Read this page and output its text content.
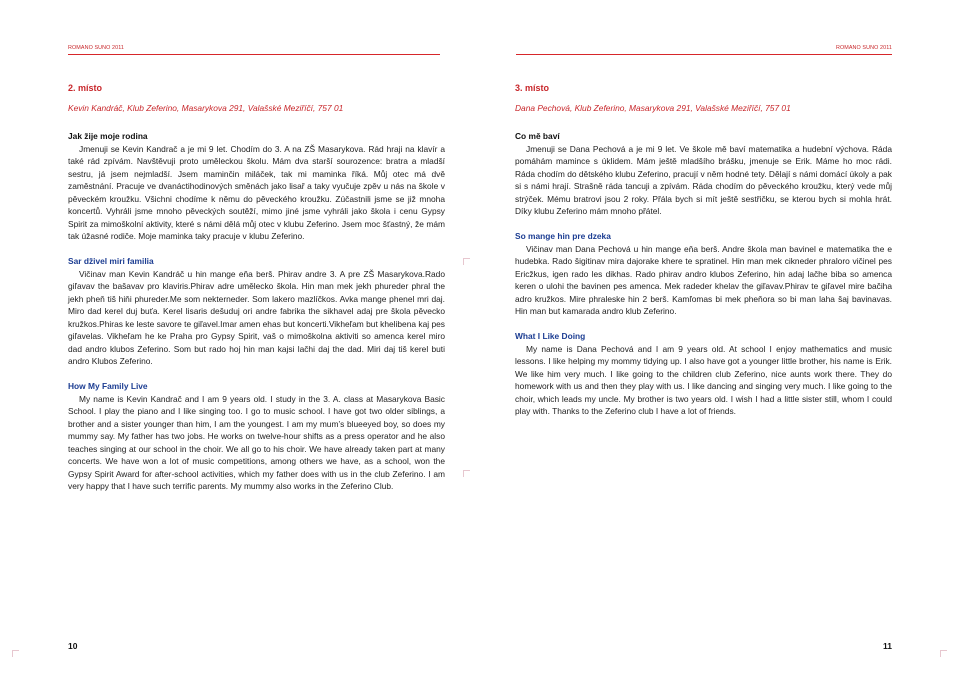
ROMANO SUNO 2011
2. místo
Kevin Kandráč, Klub Zeferino, Masarykova 291, Valašské Meziříčí, 757 01
Jak žije moje rodina

Jmenuji se Kevin Kandrač a je mi 9 let. Chodím do 3. A na ZŠ Masarykova. Rád hraji na klavír a také rád zpívám. Navštěvuji proto uměleckou školu. Mám dva starší sourozence: bratra a mladší sestru, já jsem nejmladší. Jsem maminčin miláček, tak mi maminka říká. Můj otec má dvě zaměstnání. Pracuje ve dvanáctihodinových směnách jako lisař a taky vyučuje zpěv u nás na škole v pěveckém kroužku. Všichni chodíme k němu do pěveckého kroužku. Zúčastnili jsme se již mnoha koncertů. Vyhráli jsme mnoho pěveckých soutěží, mimo jiné jsme vyhráli jako škola i cenu Gypsy Spirit za mimoškolní aktivity, které s námi dělá můj otec v klubu Zeferino. Jsem moc šťastný, že mám tak úžasné rodiče. Moje maminka taky pracuje v klubu Zeferino.

Sar dživel miri familia

Vičinav man Kevin Kandráč u hin mange eňa berš. Phirav andre 3. A pre ZŠ Masarykova.Rado giľavav the bašavav pro klaviris.Phirav adre umělecko škola. Hin man mek jekh phureder phral the jekh pheň tiš hiňi phureder.Me som nekterneder. Som lakero mazlíčkos. Avka mange phenel mri daj. Miro dad kerel duj buťa. Kerel lisaris dešuduj ori andre fabrika the sikhavel adaj pre škola pěvecko kružkos.Phiras ke leste savore te giľavel.Imar amen ehas but koncerti.Vikheľam but khelibena kaj pes giľavelas. Vikheľam he ke Praha pro Gypsy Spirit, vaš o mimoškolna aktiviti so amenca kerel miro dad andro klubos Zeferino. Som but rado hoj hin man kajsi lačhi daj the dad. Miri daj tiš kerel buti andro Klubos Zeferino.

How My Family Live

My name is Kevin Kandrač and I am 9 years old. I study in the 3. A. class at Masarykova Basic School. I play the piano and I like singing too. I go to music school. I have got two older siblings, a brother and a sister younger than him, I am the youngest. I am my mum’s blueeyed boy, so does my mummy say. My father has two jobs. He works on twelve-hour shifts as a press operator and he also teaches singing at our school in the choir. We all go to his choir. We have already taken part at many concerts. We have won a lot of music competitions, among others we have, as a school, won the Gypsy Spirit Award for after-school activities, which my father does with us in the club Zeferino. I am very happy that I have such terrific parents. My mummy also works in the Zeferino Club.

10
ROMANO SUNO 2011
3. místo
Dana Pechová, Klub Zeferino, Masarykova 291, Valašské Meziříčí, 757 01
Co mě baví

Jmenuji se Dana Pechová a je mi 9 let. Ve škole mě baví matematika a hudební výchova. Ráda pomáhám mamince s úklidem. Mám ještě mladšího brášku, jmenuje se Erik. Máme ho moc rádi. Ráda chodím do dětského klubu Zeferino, pracují v něm hodné tety. Dělají s námi domácí úkoly a pak si s námi hrají. Strašně ráda tancuji a zpívám. Ráda chodím do pěveckého kroužku, který vede můj strýček. Mému bratrovi jsou 2 roky. Přála bych si mít ještě sestřičku, se kterou bych si mohla hrát. Díky klubu Zeferino mám mnoho přátel.

So mange hin pre dzeka

Vičinav man Dana Pechová u hin mange eňa berš. Andre škola man bavinel e matematika the e hudebka. Rado šigitinav mira dajorake khere te spratinel. Hin man mek cikneder phraloro vičinel pes Ericžkus, igen rado les dikhas. Rado phirav andro klubos Zeferino, hin adaj lačhe biba so amenca keren o ulohi the bavinen pes amenca. Mek radeder khelav the giľavav.Phirav te giľavel mire bačiha adro kružkos. Mire phraleske hin 2 berš. Kamľomas bi mek pheňora so bi man laha šaj bavinavas. Hin man but kamarada andro klub Zeferino.

What I Like Doing

My name is Dana Pechová and I am 9 years old. At school I enjoy mathematics and music lessons. I like helping my mommy tidying up. I also have got a younger little brother, his name is Erik. We like him very much. I like going to the children club Zeferino, nice aunts work there. They do homework with us and then they play with us. I like dancing and singing very much. I like going to the choir, which leads my uncle. My brother is two years old. I wish I had a little sister still, whom I could play with. Thanks to the Zeferino club I have a lot of friends.

11
